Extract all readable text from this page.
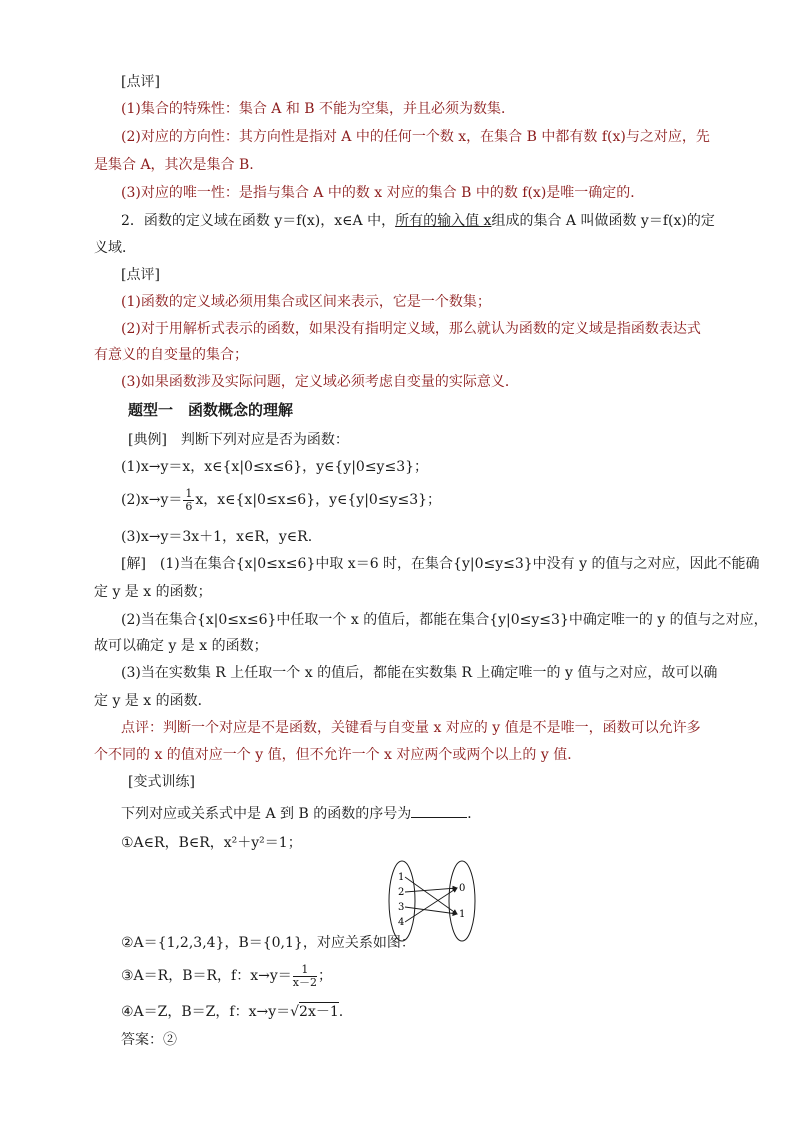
[点评]
(1)集合的特殊性：集合 A 和 B 不能为空集，并且必须为数集．
(2)对应的方向性：其方向性是指对 A 中的任何一个数 x，在集合 B 中都有数 f(x)与之对应，先
是集合 A，其次是集合 B.
(3)对应的唯一性：是指与集合 A 中的数 x 对应的集合 B 中的数 f(x)是唯一确定的．
2．函数的定义域在函数 y＝f(x)，x∈A 中，所有的输入值 x组成的集合 A 叫做函数 y＝f(x)的定
义域．
[点评]
(1)函数的定义域必须用集合或区间来表示，它是一个数集；
(2)对于用解析式表示的函数，如果没有指明定义域，那么就认为函数的定义域是指函数表达式
有意义的自变量的集合；
(3)如果函数涉及实际问题，定义域必须考虑自变量的实际意义．
题型一　函数概念的理解
[典例]　判断下列对应是否为函数：
(1)x→y＝x，x∈{x|0≤x≤6}，y∈{y|0≤y≤3}；
$(2)x\to y= \frac{1}{6}$ x，x∈{x|0≤x≤6}，y∈{y|0≤y≤3}；
(3)x→y＝3x＋1，x∈R，y∈R.
[解]　(1)当在集合{x|0≤x≤6}中取 x＝6 时，在集合{y|0≤y≤3}中没有 y 的值与之对应，因此不能确
定 y 是 x 的函数；
(2)当在集合{x|0≤x≤6}中任取一个 x 的值后，都能在集合{y|0≤y≤3}中确定唯一的 y 的值与之对应，
故可以确定 y 是 x 的函数；
(3)当在实数集 R 上任取一个 x 的值后，都能在实数集 R 上确定唯一的 y 值与之对应，故可以确
定 y 是 x 的函数．
点评：判断一个对应是不是函数，关键看与自变量 x 对应的 y 值是不是唯一，函数可以允许多
个不同的 x 的值对应一个 y 值，但不允许一个 x 对应两个或两个以上的 y 值．
[变式训练]
下列对应或关系式中是 A 到 B 的函数的序号为	．
①A∈R，B∈R，x²＋y²＝1；
1
2
3
4
0
1
②A＝{1,2,3,4}，B＝{0,1}，对应关系如图：
③A＝R，B＝R，f：$x\to y= \frac{1}{x-2}$ ；
④A＝Z，B＝Z，f：x→y＝√2x－1.
答案：②
